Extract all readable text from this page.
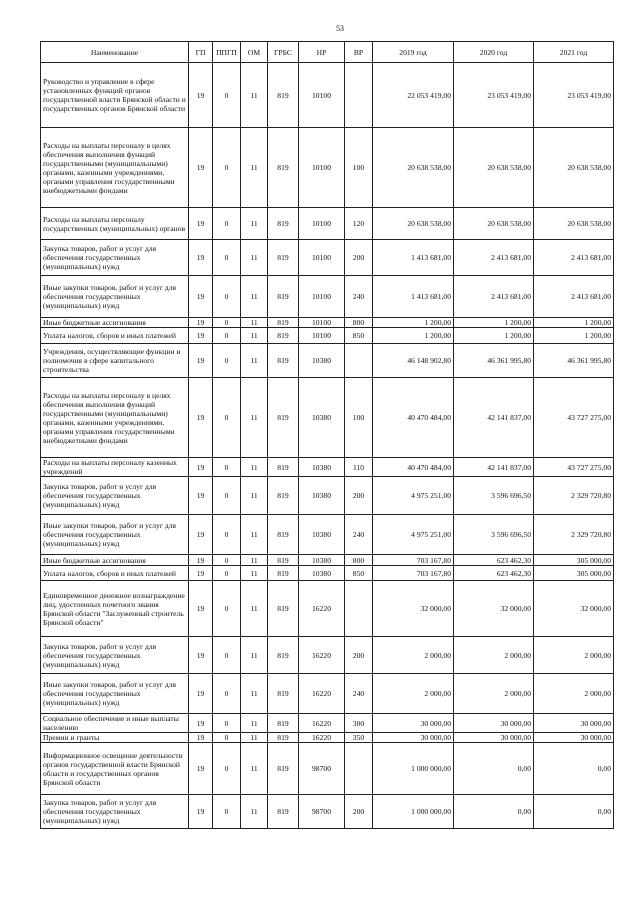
53
Наименование	ГП	ППГП	ОМ	ГРБС	НР	ВР	2019 год	2020 год	2021 год
Руководство и управление в сфере установленных функций органов государственной власти Брянской области и государственных органов Брянской области	19	0	11	819	10100		22 053 419,00	23 053 419,00	23 053 419,00
Расходы на выплаты персоналу в целях обеспечения выполнения функций государственными (муниципальными) органами, казенными учреждениями, органами управления государственными внебюджетными фондами	19	0	11	819	10100	100	20 638 538,00	20 638 538,00	20 638 538,00
Расходы на выплаты персоналу государственных (муниципальных) органов	19	0	11	819	10100	120	20 638 538,00	20 638 538,00	20 638 538,00
Закупка товаров, работ и услуг для обеспечения государственных (муниципальных) нужд	19	0	11	819	10100	200	1 413 681,00	2 413 681,00	2 413 681,00
Иные закупки товаров, работ и услуг для обеспечения государственных (муниципальных) нужд	19	0	11	819	10100	240	1 413 681,00	2 413 681,00	2 413 681,00
Иные бюджетные ассигнования	19	0	11	819	10100	800	1 200,00	1 200,00	1 200,00
Уплата налогов, сборов и иных платежей	19	0	11	819	10100	850	1 200,00	1 200,00	1 200,00
Учреждения, осуществляющие функции и полномочия в сфере капитального строительства	19	0	11	819	10380		46 148 902,80	46 361 995,80	46 361 995,80
Расходы на выплаты персоналу в целях обеспечения выполнения функций государственными (муниципальными) органами, казенными учреждениями, органами управления государственными внебюджетными фондами	19	0	11	819	10380	100	40 470 484,00	42 141 837,00	43 727 275,00
Расходы на выплаты персоналу казенных учреждений	19	0	11	819	10380	110	40 470 484,00	42 141 837,00	43 727 275,00
Закупка товаров, работ и услуг для обеспечения государственных (муниципальных) нужд	19	0	11	819	10380	200	4 975 251,00	3 596 696,50	2 329 720,80
Иные закупки товаров, работ и услуг для обеспечения государственных (муниципальных) нужд	19	0	11	819	10380	240	4 975 251,00	3 596 696,50	2 329 720,80
Иные бюджетные ассигнования	19	0	11	819	10380	800	703 167,80	623 462,30	305 000,00
Уплата налогов, сборов и иных платежей	19	0	11	819	10380	850	703 167,80	623 462,30	305 000,00
Единовременное денежное вознаграждение лиц, удостоенных почетного звания Брянской области "Заслуженный строитель Брянской области"	19	0	11	819	16220		32 000,00	32 000,00	32 000,00
Закупка товаров, работ и услуг для обеспечения государственных (муниципальных) нужд	19	0	11	819	16220	200	2 000,00	2 000,00	2 000,00
Иные закупки товаров, работ и услуг для обеспечения государственных (муниципальных) нужд	19	0	11	819	16220	240	2 000,00	2 000,00	2 000,00
Социальное обеспечение и иные выплаты населению	19	0	11	819	16220	300	30 000,00	30 000,00	30 000,00
Премии и гранты	19	0	11	819	16220	350	30 000,00	30 000,00	30 000,00
Информационное освещение деятельности органов государственной власти Брянской области и государственных органов Брянской области	19	0	11	819	98700		1 000 000,00	0,00	0,00
Закупка товаров, работ и услуг для обеспечения государственных (муниципальных) нужд	19	0	11	819	98700	200	1 000 000,00	0,00	0,00
